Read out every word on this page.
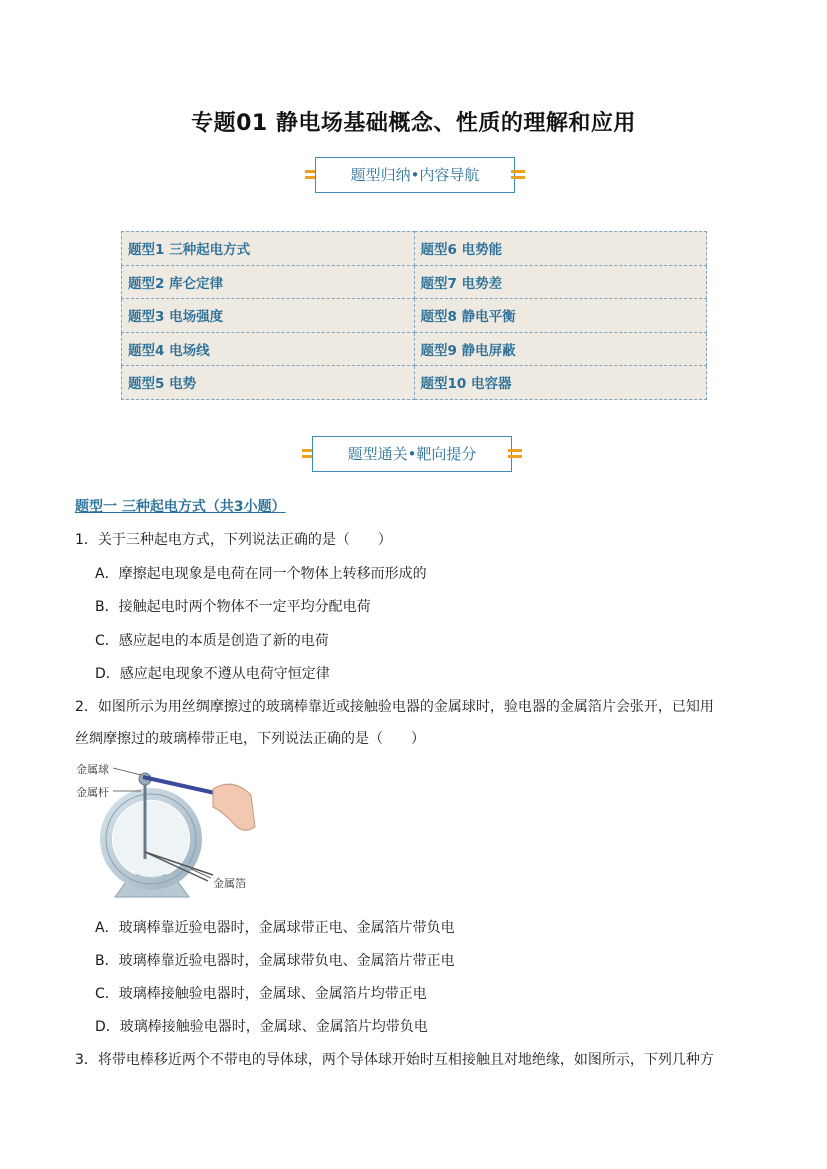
专题01 静电场基础概念、性质的理解和应用
题型归纳•内容导航
题型1 三种起电方式	题型6 电势能
题型2 库仑定律	题型7 电势差
题型3 电场强度	题型8 静电平衡
题型4 电场线	题型9 静电屏蔽
题型5 电势	题型10 电容器
题型通关•靶向提分
题型一 三种起电方式（共3小题）
1．关于三种起电方式，下列说法正确的是（　　）
A．摩擦起电现象是电荷在同一个物体上转移而形成的
B．接触起电时两个物体不一定平均分配电荷
C．感应起电的本质是创造了新的电荷
D．感应起电现象不遵从电荷守恒定律
2．如图所示为用丝绸摩擦过的玻璃棒靠近或接触验电器的金属球时，验电器的金属箔片会张开，已知用
丝绸摩擦过的玻璃棒带正电，下列说法正确的是（　　）
金属球
金属杆
金属箔
A．玻璃棒靠近验电器时，金属球带正电、金属箔片带负电
B．玻璃棒靠近验电器时，金属球带负电、金属箔片带正电
C．玻璃棒接触验电器时，金属球、金属箔片均带正电
D．玻璃棒接触验电器时，金属球、金属箔片均带负电
3．将带电棒移近两个不带电的导体球，两个导体球开始时互相接触且对地绝缘，如图所示，下列几种方
